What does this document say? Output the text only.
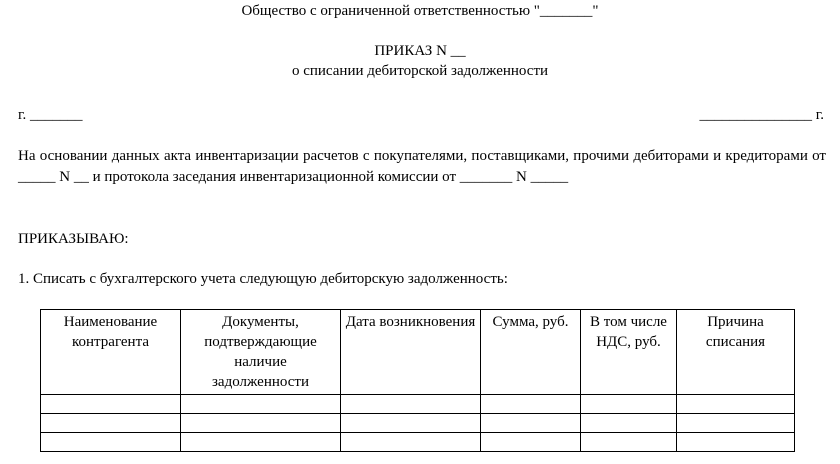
Общество с ограниченной ответственностью "_______"
ПРИКАЗ N __
о списании дебиторской задолженности
г. _______	_______________ г.
На основании данных акта инвентаризации расчетов с покупателями, поставщиками, прочими дебиторами и кредиторами от _____ N __ и протокола заседания инвентаризационной комиссии от _______ N _____
ПРИКАЗЫВАЮ:
1. Списать с бухгалтерского учета следующую дебиторскую задолженность:
Наименование контрагента	Документы, подтверждающие наличие задолженности	Дата возникновения	Сумма, руб.	В том числе НДС, руб.	Причина списания
